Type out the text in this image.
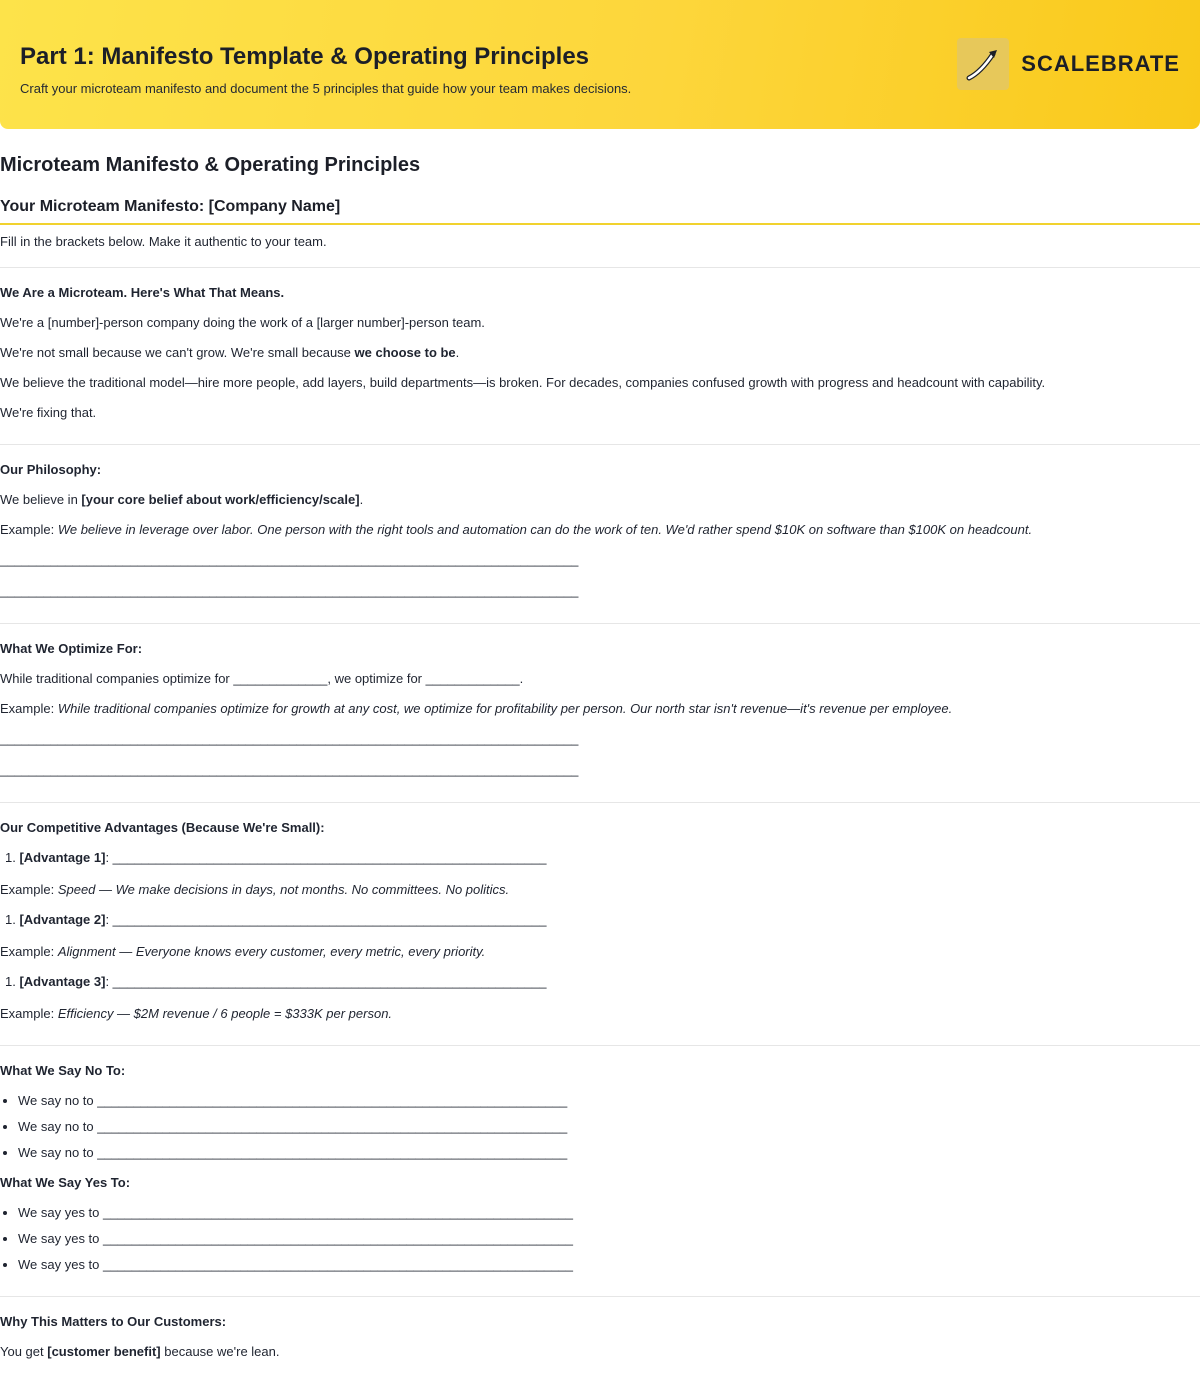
Part 1: Manifesto Template & Operating Principles
Craft your microteam manifesto and document the 5 principles that guide how your team makes decisions.
SCALEBRATE
Microteam Manifesto & Operating Principles
Your Microteam Manifesto: [Company Name]

Fill in the brackets below. Make it authentic to your team.

We Are a Microteam. Here's What That Means.

We're a [number]-person company doing the work of a [larger number]-person team.

We're not small because we can't grow. We're small because we choose to be.

We believe the traditional model—hire more people, add layers, build departments—is broken. For decades, companies confused growth with progress and headcount with capability.

We're fixing that.

Our Philosophy:

We believe in [your core belief about work/efficiency/scale].

Example: We believe in leverage over labor. One person with the right tools and automation can do the work of ten. We'd rather spend $10K on software than $100K on headcount.

________________________________________________________________________________

________________________________________________________________________________

What We Optimize For:

While traditional companies optimize for _____________, we optimize for _____________.

Example: While traditional companies optimize for growth at any cost, we optimize for profitability per person. Our north star isn't revenue—it's revenue per employee.

________________________________________________________________________________

________________________________________________________________________________

Our Competitive Advantages (Because We're Small):

1. [Advantage 1]: ____________________________________________________________

Example: Speed — We make decisions in days, not months. No committees. No politics.

1. [Advantage 2]: ____________________________________________________________

Example: Alignment — Everyone knows every customer, every metric, every priority.

1. [Advantage 3]: ____________________________________________________________

Example: Efficiency — $2M revenue / 6 people = $333K per person.

What We Say No To:

• We say no to _________________________________________________________________
• We say no to _________________________________________________________________
• We say no to _________________________________________________________________

What We Say Yes To:

• We say yes to _________________________________________________________________
• We say yes to _________________________________________________________________
• We say yes to _________________________________________________________________

Why This Matters to Our Customers:

You get [customer benefit] because we're lean.
